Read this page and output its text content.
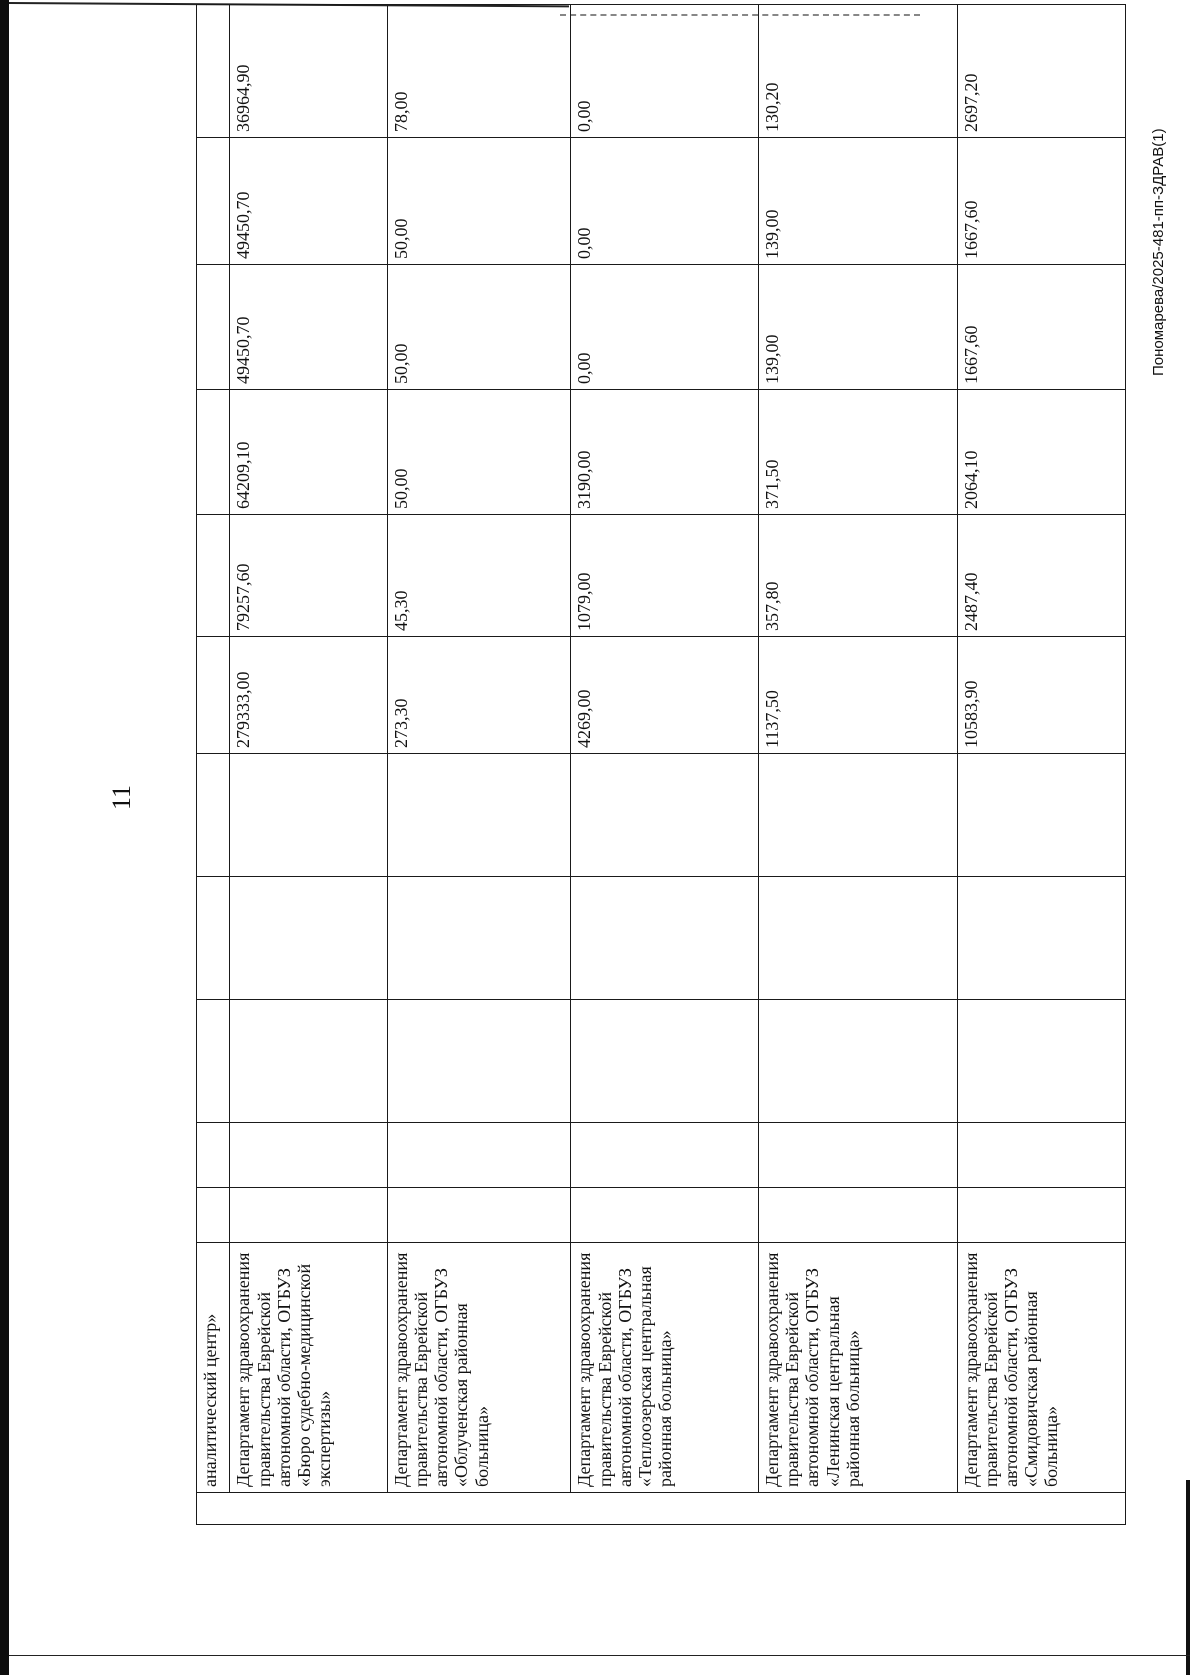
11
Пономарева/2025-481-пп-ЗДРАВ(1)
	аналитический центр»											
	Департамент здравоохранения правительства Еврейской автономной области, ОГБУЗ «Бюро судебно-медицинской экспертизы»						279333,00	79257,60	64209,10	49450,70	49450,70	36964,90
	Департамент здравоохранения правительства Еврейской автономной области, ОГБУЗ «Облученская районная больница»						273,30	45,30	50,00	50,00	50,00	78,00
	Департамент здравоохранения правительства Еврейской автономной области, ОГБУЗ «Теплоозерская центральная районная больница»						4269,00	1079,00	3190,00	0,00	0,00	0,00
	Департамент здравоохранения правительства Еврейской автономной области, ОГБУЗ «Ленинская центральная районная больница»						1137,50	357,80	371,50	139,00	139,00	130,20
	Департамент здравоохранения правительства Еврейской автономной области, ОГБУЗ «Смидовичская районная больница»						10583,90	2487,40	2064,10	1667,60	1667,60	2697,20
